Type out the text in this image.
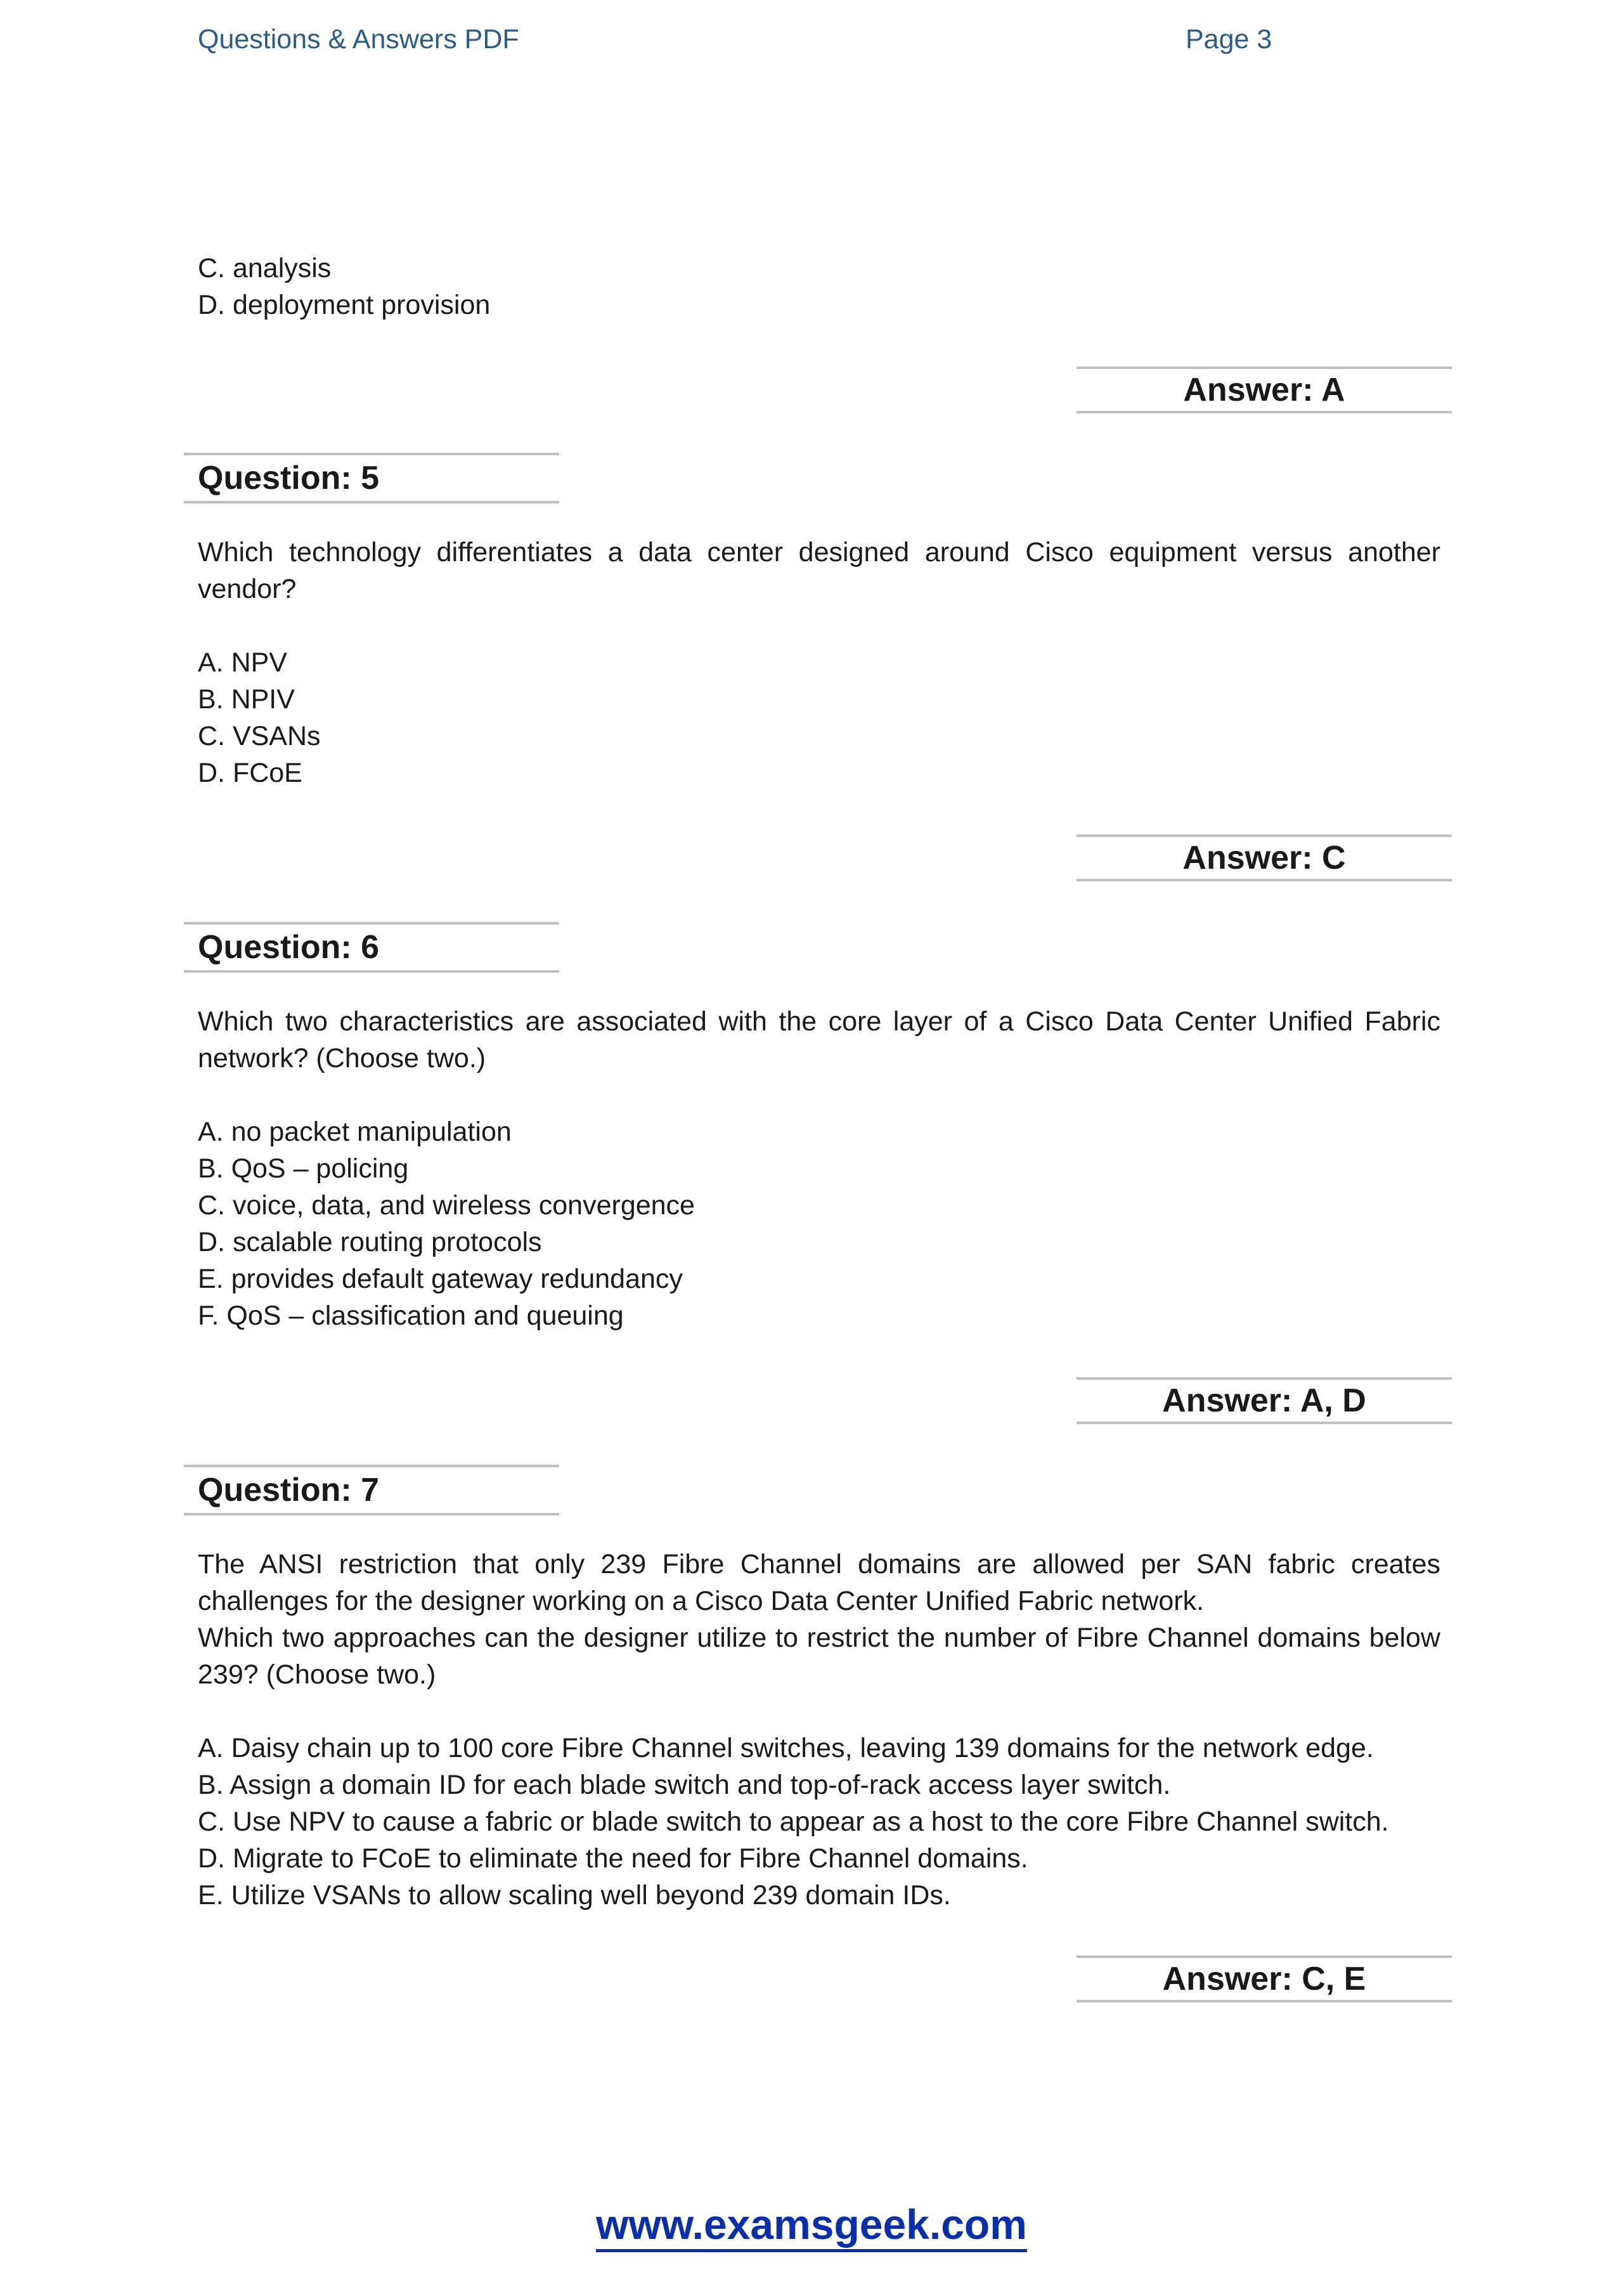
Questions & Answers PDF	Page 3
C. analysis
D. deployment provision
Answer: A
Question: 5
Which technology differentiates a data center designed around Cisco equipment versus another vendor?
A. NPV
B. NPIV
C. VSANs
D. FCoE
Answer: C
Question: 6
Which two characteristics are associated with the core layer of a Cisco Data Center Unified Fabric network? (Choose two.)
A. no packet manipulation
B. QoS – policing
C. voice, data, and wireless convergence
D. scalable routing protocols
E. provides default gateway redundancy
F. QoS – classification and queuing
Answer: A, D
Question: 7
The ANSI restriction that only 239 Fibre Channel domains are allowed per SAN fabric creates challenges for the designer working on a Cisco Data Center Unified Fabric network.
Which two approaches can the designer utilize to restrict the number of Fibre Channel domains below 239? (Choose two.)
A. Daisy chain up to 100 core Fibre Channel switches, leaving 139 domains for the network edge.
B. Assign a domain ID for each blade switch and top-of-rack access layer switch.
C. Use NPV to cause a fabric or blade switch to appear as a host to the core Fibre Channel switch.
D. Migrate to FCoE to eliminate the need for Fibre Channel domains.
E. Utilize VSANs to allow scaling well beyond 239 domain IDs.
Answer: C, E
www.examsgeek.com
